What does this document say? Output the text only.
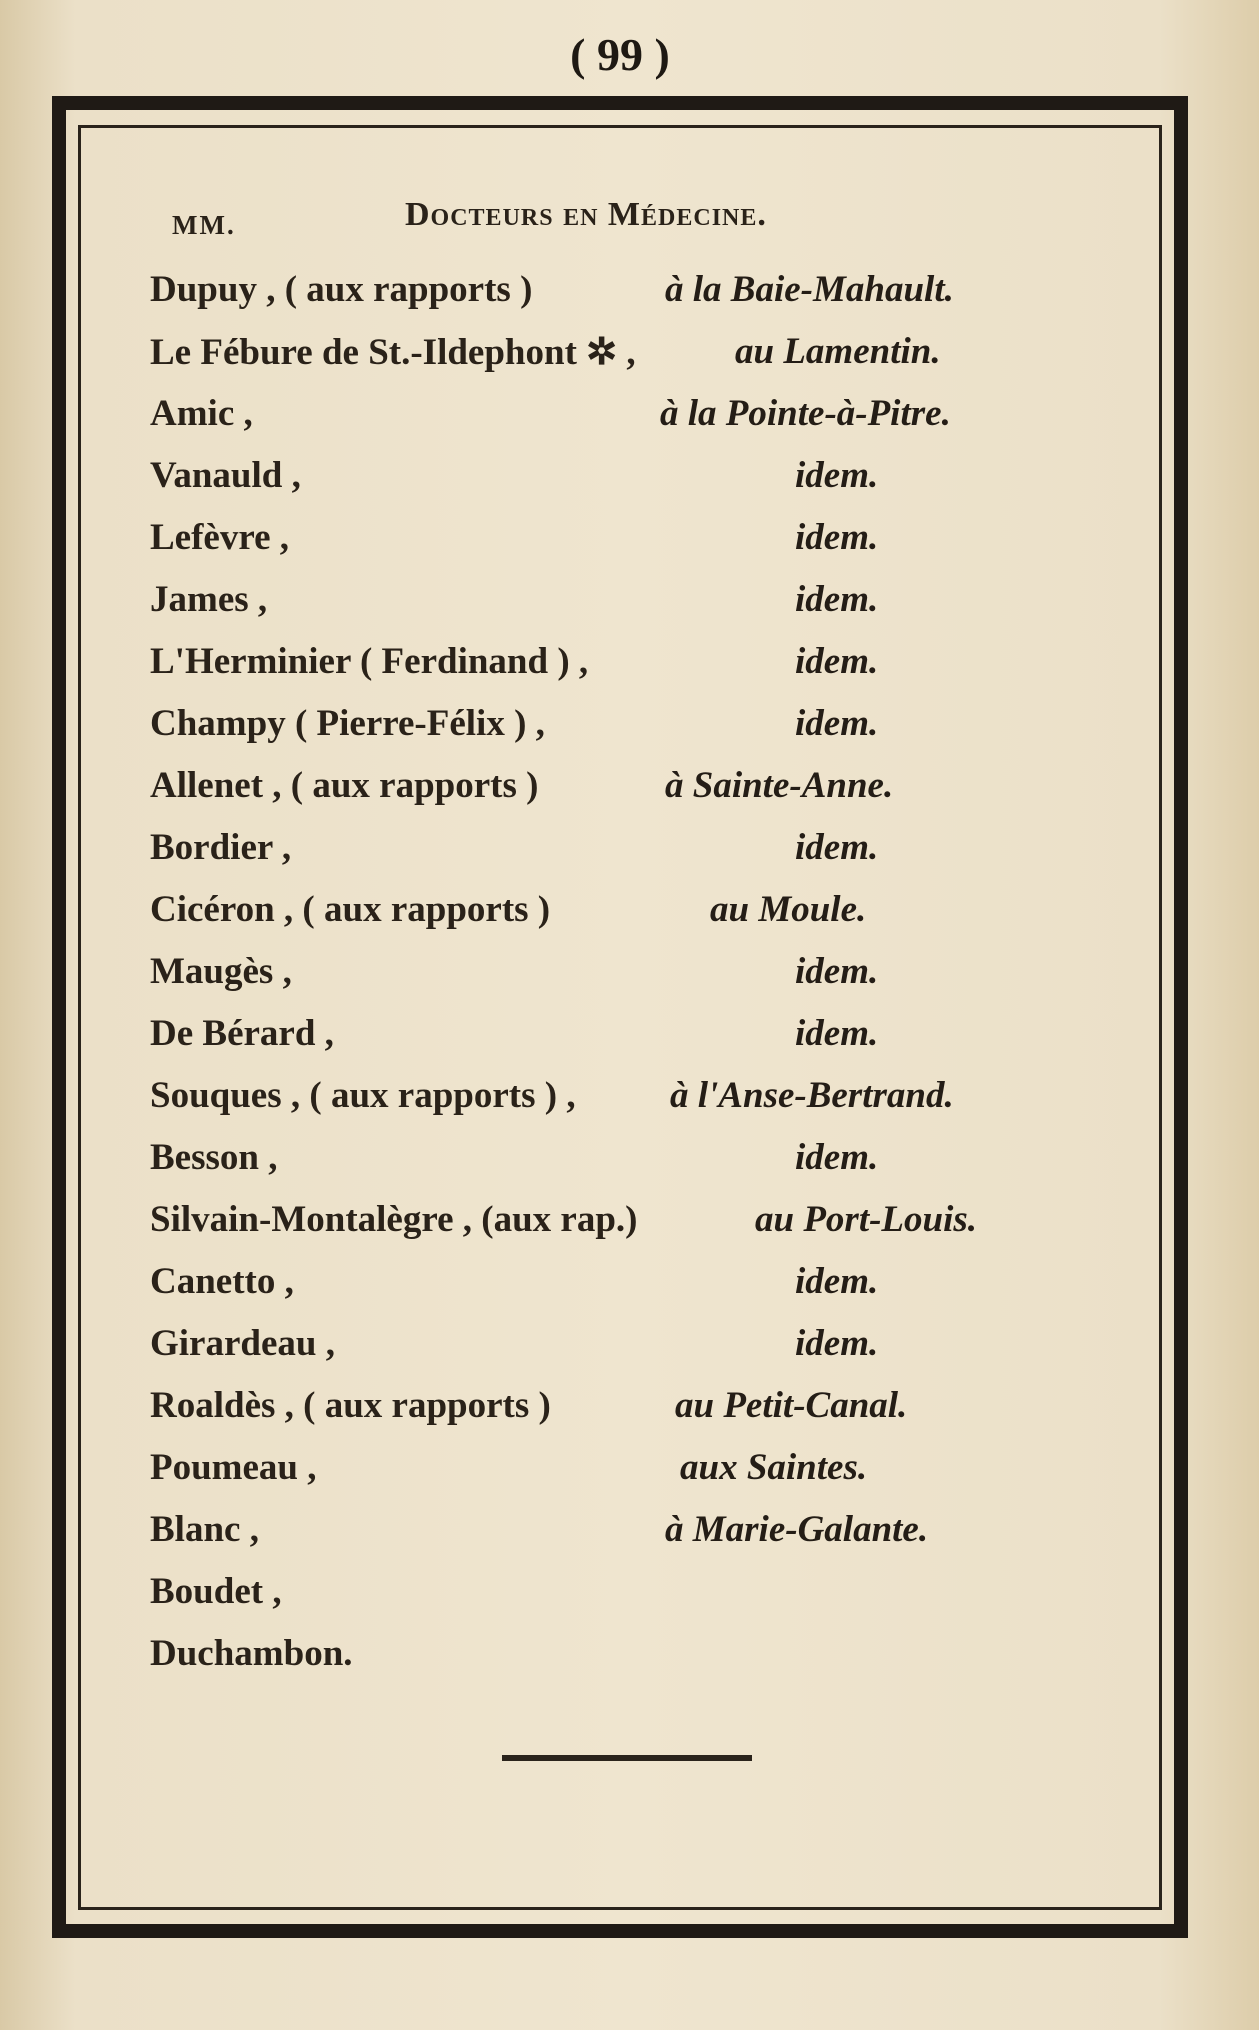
( 99 )
MM.	Docteurs en Médecine.
Dupuy , ( aux rapports )	à la Baie-Mahault.
Le Fébure de St.-Ildephont ✲ ,	au Lamentin.
Amic ,	à la Pointe-à-Pitre.
Vanauld ,	idem.
Lefèvre ,	idem.
James ,	idem.
L'Herminier ( Ferdinand ) ,	idem.
Champy ( Pierre-Félix ) ,	idem.
Allenet , ( aux rapports )	à Sainte-Anne.
Bordier ,	idem.
Cicéron , ( aux rapports )	au Moule.
Maugès ,	idem.
De Bérard ,	idem.
Souques , ( aux rapports ) ,	à l'Anse-Bertrand.
Besson ,	idem.
Silvain-Montalègre , (aux rap.)	au Port-Louis.
Canetto ,	idem.
Girardeau ,	idem.
Roaldès , ( aux rapports )	au Petit-Canal.
Poumeau ,	aux Saintes.
Blanc ,	à Marie-Galante.
Boudet ,
Duchambon.
